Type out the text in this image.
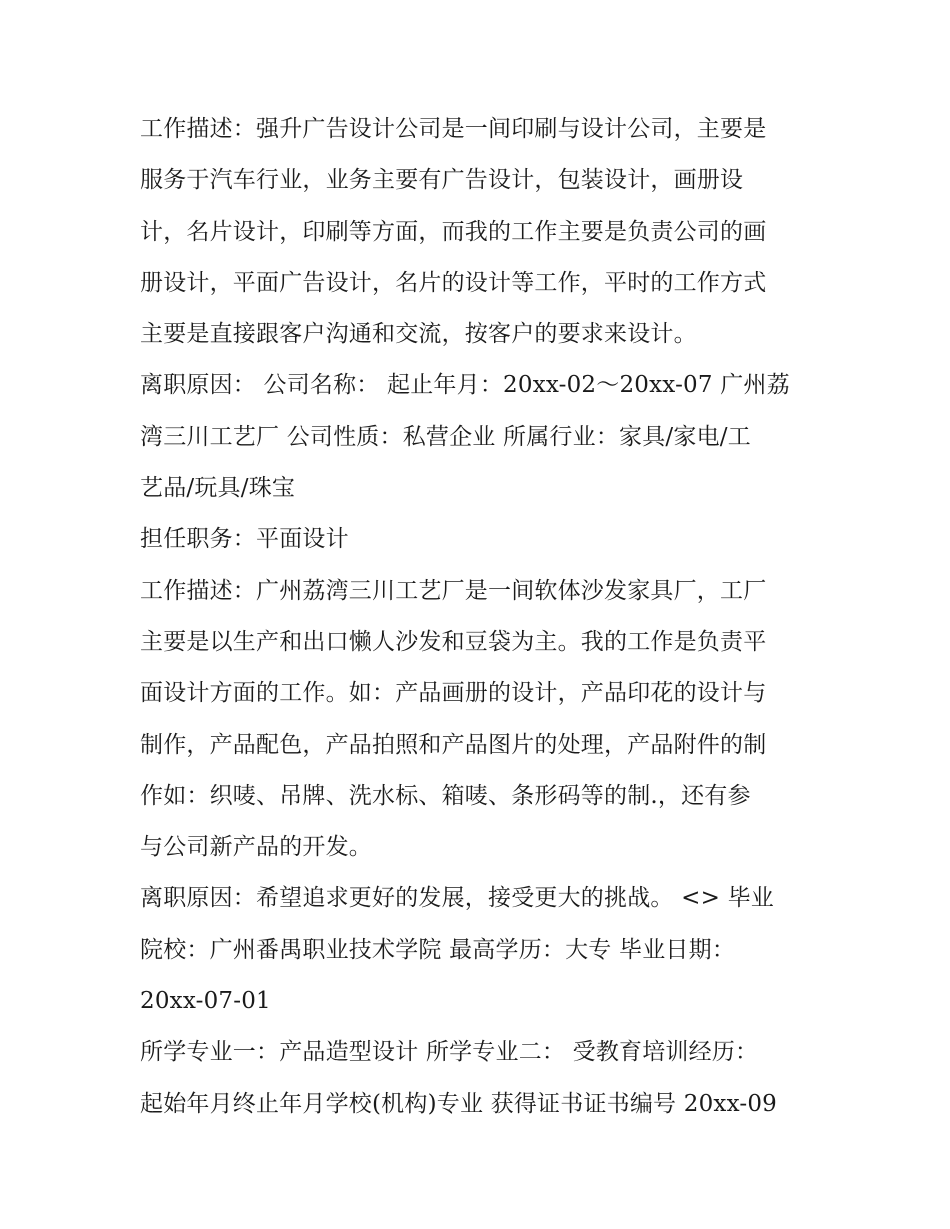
工作描述：强升广告设计公司是一间印刷与设计公司，主要是
服务于汽车行业，业务主要有广告设计，包装设计，画册设
计，名片设计，印刷等方面，而我的工作主要是负责公司的画
册设计，平面广告设计，名片的设计等工作，平时的工作方式
主要是直接跟客户沟通和交流，按客户的要求来设计。
离职原因： 公司名称： 起止年月：20xx-02～20xx-07 广州荔
湾三川工艺厂 公司性质：私营企业 所属行业：家具/家电/工
艺品/玩具/珠宝
担任职务：平面设计
工作描述：广州荔湾三川工艺厂是一间软体沙发家具厂，工厂
主要是以生产和出口懒人沙发和豆袋为主。我的工作是负责平
面设计方面的工作。如：产品画册的设计，产品印花的设计与
制作，产品配色，产品拍照和产品图片的处理，产品附件的制
作如：织唛、吊牌、洗水标、箱唛、条形码等的制.，还有参
与公司新产品的开发。
离职原因：希望追求更好的发展，接受更大的挑战。 <> 毕业
院校：广州番禺职业技术学院 最高学历：大专 毕业日期：
20xx-07-01
所学专业一：产品造型设计 所学专业二： 受教育培训经历：
起始年月终止年月学校(机构)专业 获得证书证书编号 20xx-09
